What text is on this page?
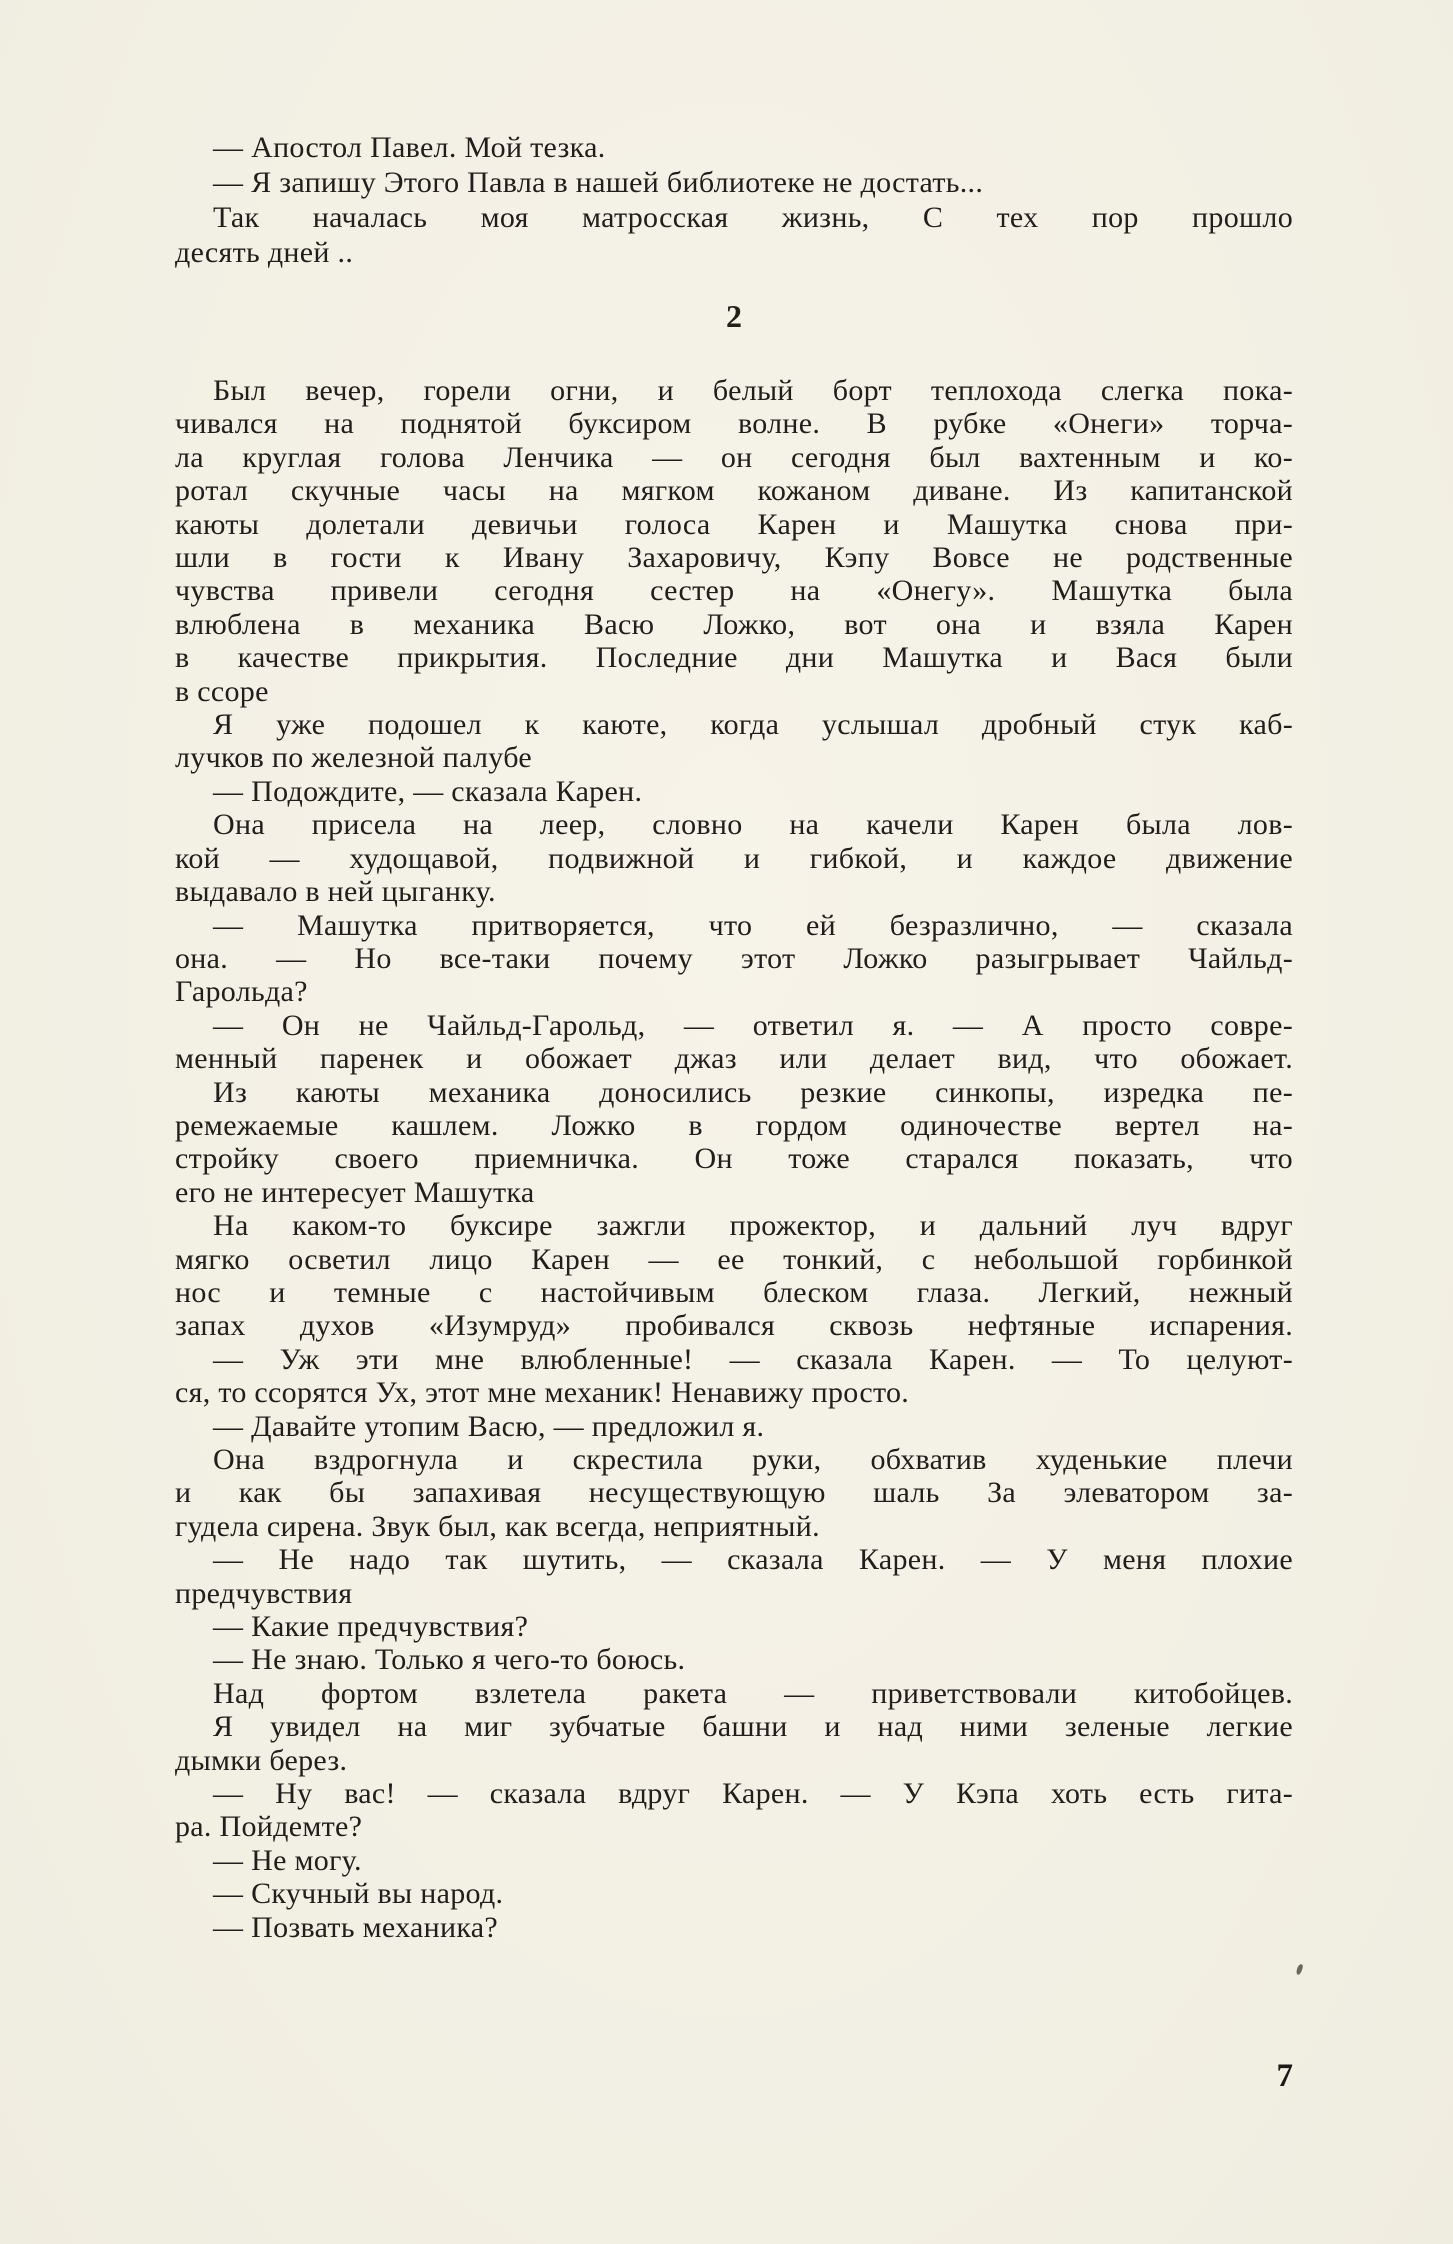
— Апостол Павел. Мой тезка.
— Я запишу Этого Павла в нашей библиотеке не достать...
Так началась моя матросская жизнь, С тех пор прошло
десять дней ..
2
Был вечер, горели огни, и белый борт теплохода слегка пока-
чивался на поднятой буксиром волне. В рубке «Онеги» торча-
ла круглая голова Ленчика — он сегодня был вахтенным и ко-
ротал скучные часы на мягком кожаном диване. Из капитанской
каюты долетали девичьи голоса Карен и Машутка снова при-
шли в гости к Ивану Захаровичу, Кэпу Вовсе не родственные
чувства привели сегодня сестер на «Онегу». Машутка была
влюблена в механика Васю Ложко, вот она и взяла Карен
в качестве прикрытия. Последние дни Машутка и Вася были
в ссоре
Я уже подошел к каюте, когда услышал дробный стук каб-
лучков по железной палубе
— Подождите, — сказала Карен.
Она присела на леер, словно на качели Карен была лов-
кой — худощавой, подвижной и гибкой, и каждое движение
выдавало в ней цыганку.
— Машутка притворяется, что ей безразлично, — сказала
она. — Но все-таки почему этот Ложко разыгрывает Чайльд-
Гарольда?
— Он не Чайльд-Гарольд, — ответил я. — А просто совре-
менный паренек и обожает джаз или делает вид, что обожает.
Из каюты механика доносились резкие синкопы, изредка пе-
ремежаемые кашлем. Ложко в гордом одиночестве вертел на-
стройку своего приемничка. Он тоже старался показать, что
его не интересует Машутка
На каком-то буксире зажгли прожектор, и дальний луч вдруг
мягко осветил лицо Карен — ее тонкий, с небольшой горбинкой
нос и темные с настойчивым блеском глаза. Легкий, нежный
запах духов «Изумруд» пробивался сквозь нефтяные испарения.
— Уж эти мне влюбленные! — сказала Карен. — То целуют-
ся, то ссорятся Ух, этот мне механик! Ненавижу просто.
— Давайте утопим Васю, — предложил я.
Она вздрогнула и скрестила руки, обхватив худенькие плечи
и как бы запахивая несуществующую шаль За элеватором за-
гудела сирена. Звук был, как всегда, неприятный.
— Не надо так шутить, — сказала Карен. — У меня плохие
предчувствия
— Какие предчувствия?
— Не знаю. Только я чего-то боюсь.
Над фортом взлетела ракета — приветствовали китобойцев.
Я увидел на миг зубчатые башни и над ними зеленые легкие
дымки берез.
— Ну вас! — сказала вдруг Карен. — У Кэпа хоть есть гита-
ра. Пойдемте?
— Не могу.
— Скучный вы народ.
— Позвать механика?
7
